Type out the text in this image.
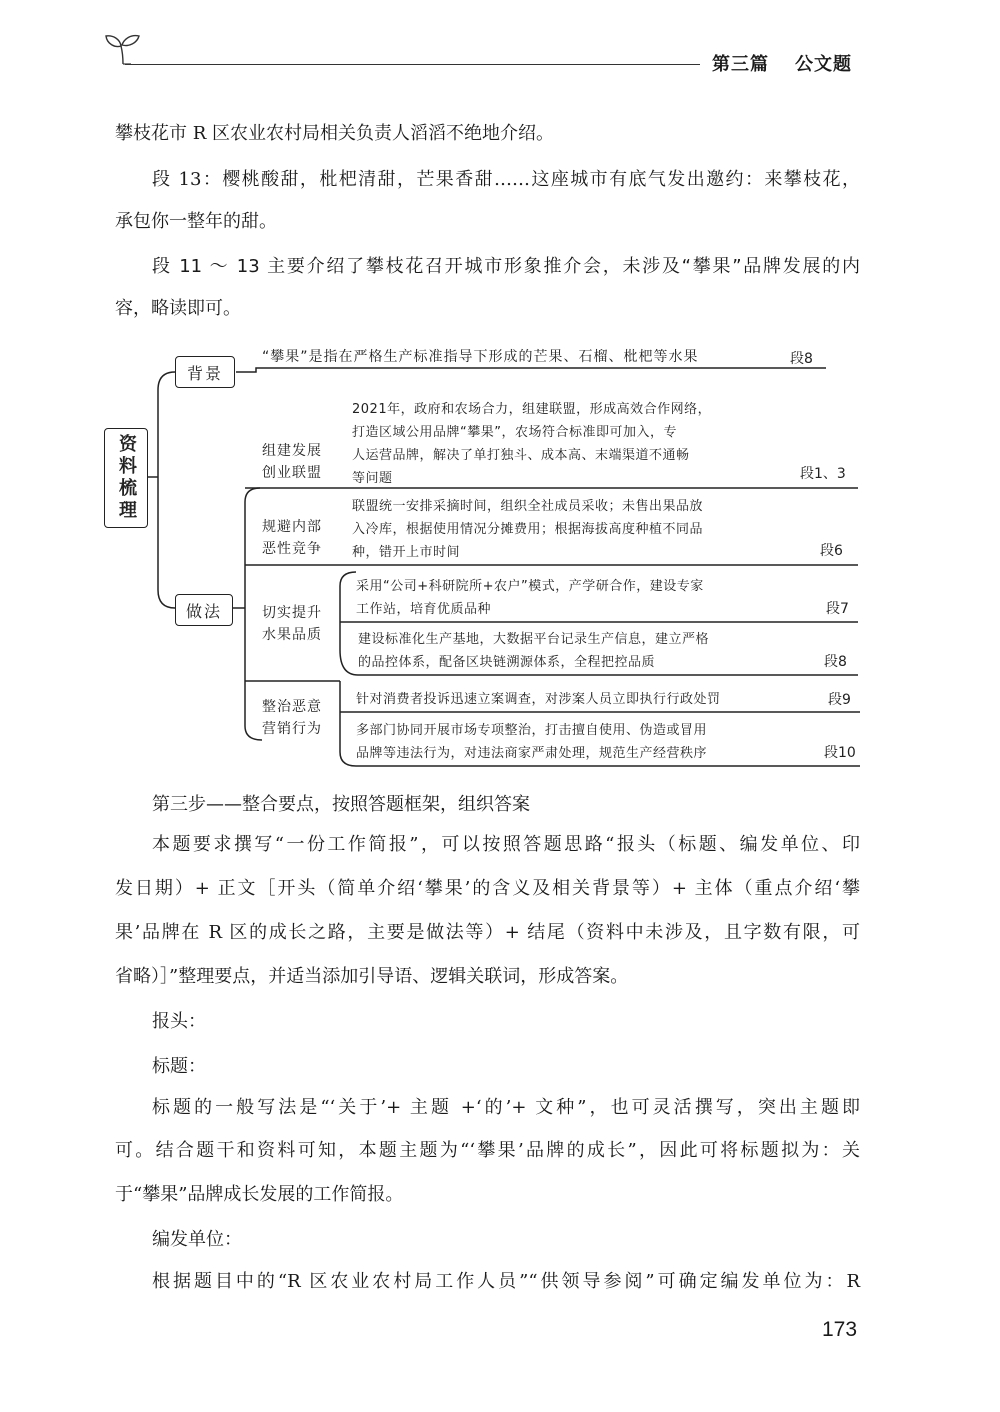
第三篇 公文题
攀枝花市 R 区农业农村局相关负责人滔滔不绝地介绍。
段 13：樱桃酸甜，枇杷清甜，芒果香甜……这座城市有底气发出邀约：来攀枝花，
承包你一整年的甜。
段 11 ～ 13 主要介绍了攀枝花召开城市形象推介会，未涉及“攀果”品牌发展的内
容，略读即可。
资料梳理
背景
“攀果”是指在严格生产标准指导下形成的芒果、石榴、枇杷等水果	段8
做法
组建发展
创业联盟
2021年，政府和农场合力，组建联盟，形成高效合作网络，
打造区域公用品牌“攀果”，农场符合标准即可加入，专
人运营品牌，解决了单打独斗、成本高、末端渠道不通畅
等问题	段1、3
规避内部
恶性竞争
联盟统一安排采摘时间，组织全社成员采收；未售出果品放
入冷库，根据使用情况分摊费用；根据海拔高度种植不同品
种，错开上市时间	段6
切实提升
水果品质
采用“公司+科研院所+农户”模式，产学研合作，建设专家
工作站，培育优质品种	段7
建设标准化生产基地，大数据平台记录生产信息，建立严格
的品控体系，配备区块链溯源体系，全程把控品质	段8
整治恶意
营销行为
针对消费者投诉迅速立案调查，对涉案人员立即执行行政处罚	段9
多部门协同开展市场专项整治，打击擅自使用、伪造或冒用
品牌等违法行为，对违法商家严肃处理，规范生产经营秩序	段10
第三步——整合要点，按照答题框架，组织答案
本题要求撰写“一份工作简报”，可以按照答题思路“报头（标题、编发单位、印
发日期）+ 正文［开头（简单介绍‘攀果’的含义及相关背景等）+ 主体（重点介绍‘攀
果’品牌在 R 区的成长之路，主要是做法等）+ 结尾（资料中未涉及，且字数有限，可
省略）］”整理要点，并适当添加引导语、逻辑关联词，形成答案。
报头：
标题：
标题的一般写法是“‘关于’+ 主题 +‘的’+ 文种”，也可灵活撰写，突出主题即
可。结合题干和资料可知，本题主题为“‘攀果’品牌的成长”，因此可将标题拟为：关
于“攀果”品牌成长发展的工作简报。
编发单位：
根据题目中的“R 区农业农村局工作人员”“供领导参阅”可确定编发单位为：R
173
